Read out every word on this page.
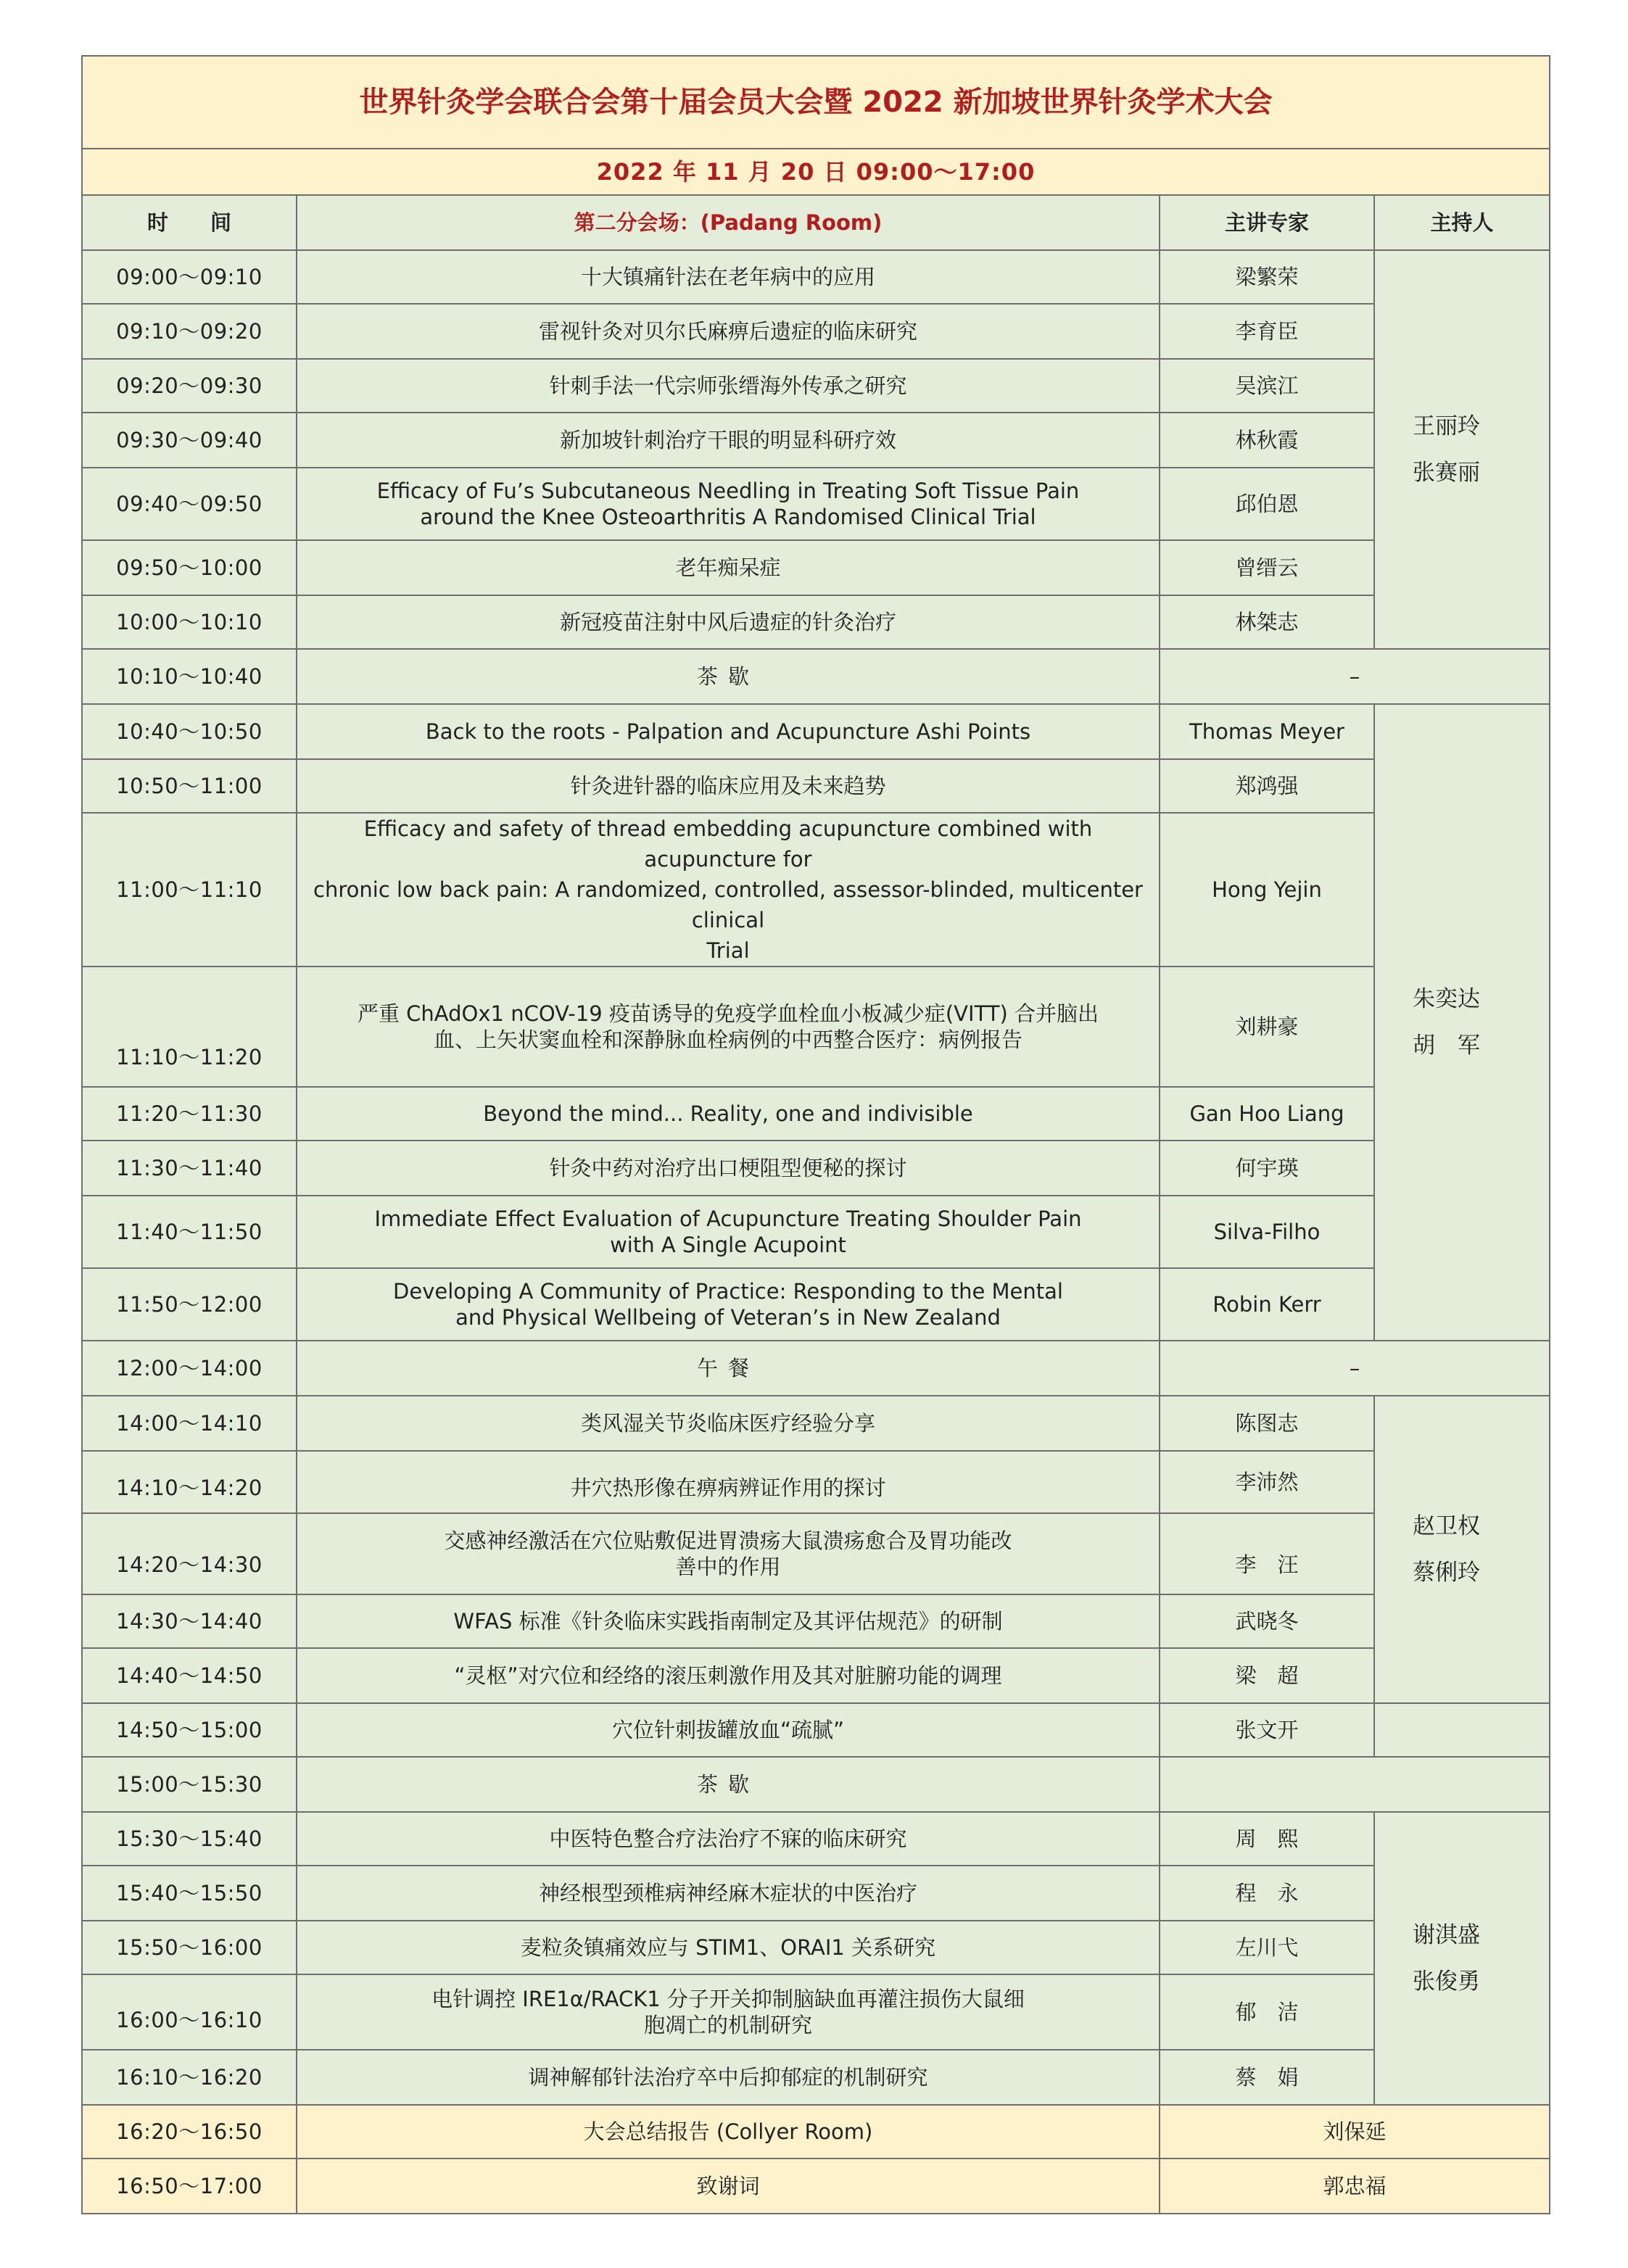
世界针灸学会联合会第十届会员大会暨 2022 新加坡世界针灸学术大会			
2022 年 11 月 20 日 09:00～17:00			
时　　间	第二分会场：(Padang Room)	主讲专家	主持人
09:00～09:10	十大镇痛针法在老年病中的应用	梁繁荣	王丽玲
张赛丽

09:10～09:20	雷视针灸对贝尔氏麻痹后遗症的临床研究	李育臣	
09:20～09:30	针刺手法一代宗师张缙海外传承之研究	吴滨江	
09:30～09:40	新加坡针刺治疗干眼的明显科研疗效	林秋霞	
09:40～09:50	Efficacy of Fu’s Subcutaneous Needling in Treating Soft Tissue Pain
around the Knee Osteoarthritis A Randomised Clinical Trial	邱伯恩	
09:50～10:00	老年痴呆症	曾缙云	
10:00～10:10	新冠疫苗注射中风后遗症的针灸治疗	林桀志	
10:10～10:40	茶歇	–	
10:40～10:50	Back to the roots - Palpation and Acupuncture Ashi Points	Thomas Meyer	朱奕达
胡　军

10:50～11:00	针灸进针器的临床应用及未来趋势	郑鸿强	
11:00～11:10	Efficacy and safety of thread embedding acupuncture combined with acupuncture for
chronic low back pain: A randomized, controlled, assessor-blinded, multicenter clinical
Trial	Hong Yejin	
11:10～11:20	严重 ChAdOx1 nCOV-19 疫苗诱导的免疫学血栓血小板减少症(VITT) 合并脑出
血、上矢状窦血栓和深静脉血栓病例的中西整合医疗：病例报告	刘耕豪	
11:20～11:30	Beyond the mind... Reality, one and indivisible	Gan Hoo Liang	
11:30～11:40	针灸中药对治疗出口梗阻型便秘的探讨	何宇瑛	
11:40～11:50	Immediate Effect Evaluation of Acupuncture Treating Shoulder Pain
with A Single Acupoint	Silva-Filho	
11:50～12:00	Developing A Community of Practice: Responding to the Mental
and Physical Wellbeing of Veteran’s in New Zealand	Robin Kerr	
12:00～14:00	午餐	–	
14:00～14:10	类风湿关节炎临床医疗经验分享	陈图志	赵卫权
蔡俐玲

14:10～14:20	井穴热形像在痹病辨证作用的探讨	李沛然	
14:20～14:30	交感神经激活在穴位贴敷促进胃溃疡大鼠溃疡愈合及胃功能改
善中的作用	李　汪	
14:30～14:40	WFAS 标准《针灸临床实践指南制定及其评估规范》的研制	武晓冬	
14:40～14:50	“灵枢”对穴位和经络的滚压刺激作用及其对脏腑功能的调理	梁　超	
14:50～15:00	穴位针刺拔罐放血“疏腻”	张文开	
15:00～15:30	茶歇		
15:30～15:40	中医特色整合疗法治疗不寐的临床研究	周　熙	谢淇盛
张俊勇

15:40～15:50	神经根型颈椎病神经麻木症状的中医治疗	程　永	
15:50～16:00	麦粒灸镇痛效应与 STIM1、ORAI1 关系研究	左川弋	
16:00～16:10	电针调控 IRE1α/RACK1 分子开关抑制脑缺血再灌注损伤大鼠细
胞凋亡的机制研究	郁　洁	
16:10～16:20	调神解郁针法治疗卒中后抑郁症的机制研究	蔡　娟	
16:20～16:50	大会总结报告 (Collyer Room)	刘保延	
16:50～17:00	致谢词	郭忠福	
